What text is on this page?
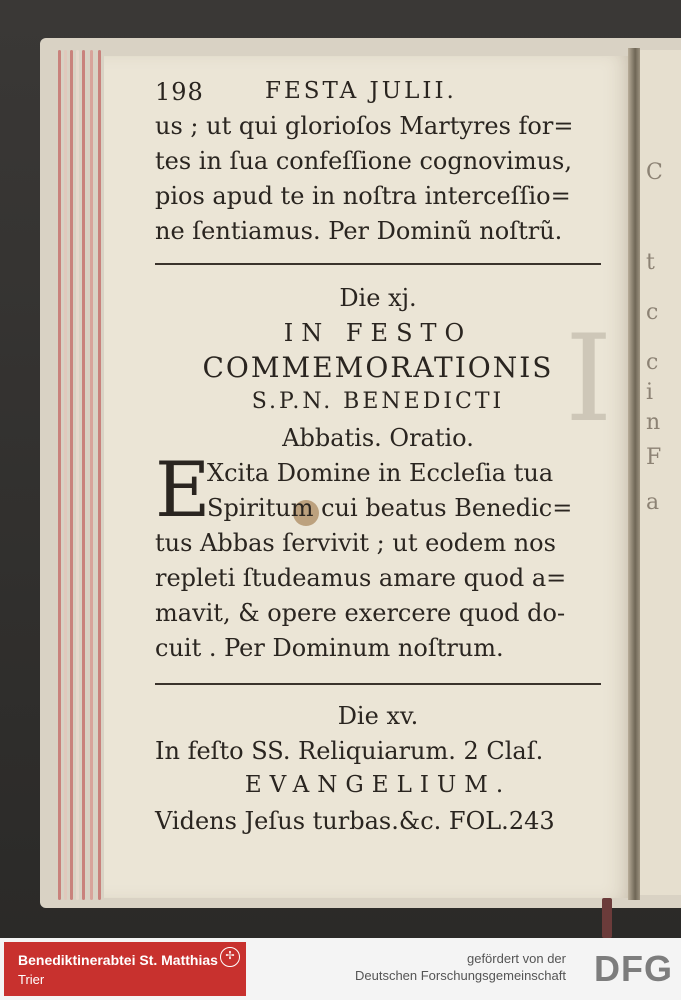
C
t
c
c
i
n
F
a
I
198	FESTA JULII.
us ; ut qui glorioſos Martyres for=
tes in ſua confeſſione cognovimus,
pios apud te in noſtra interceſſio=
ne ſentiamus. Per Dominũ noſtrũ.
Die xj.
IN FESTO
COMMEMORATIONIS
S.P.N. BENEDICTI
Abbatis. Oratio.
E
Xcita Domine in Eccleſia tua
Spiritum cui beatus Benedic=
tus Abbas ſervivit ; ut eodem nos
repleti ſtudeamus amare quod a=
mavit, & opere exercere quod do-
cuit . Per Dominum noſtrum.
Die xv.
In feſto SS. Reliquiarum. 2 Claſ.
EVANGELIUM.
Videns Jeſus turbas.&c. FOL.243
Benediktinerabtei St. Matthias
Trier
✢	gefördert von der
Deutschen Forschungsgemeinschaft DFG
